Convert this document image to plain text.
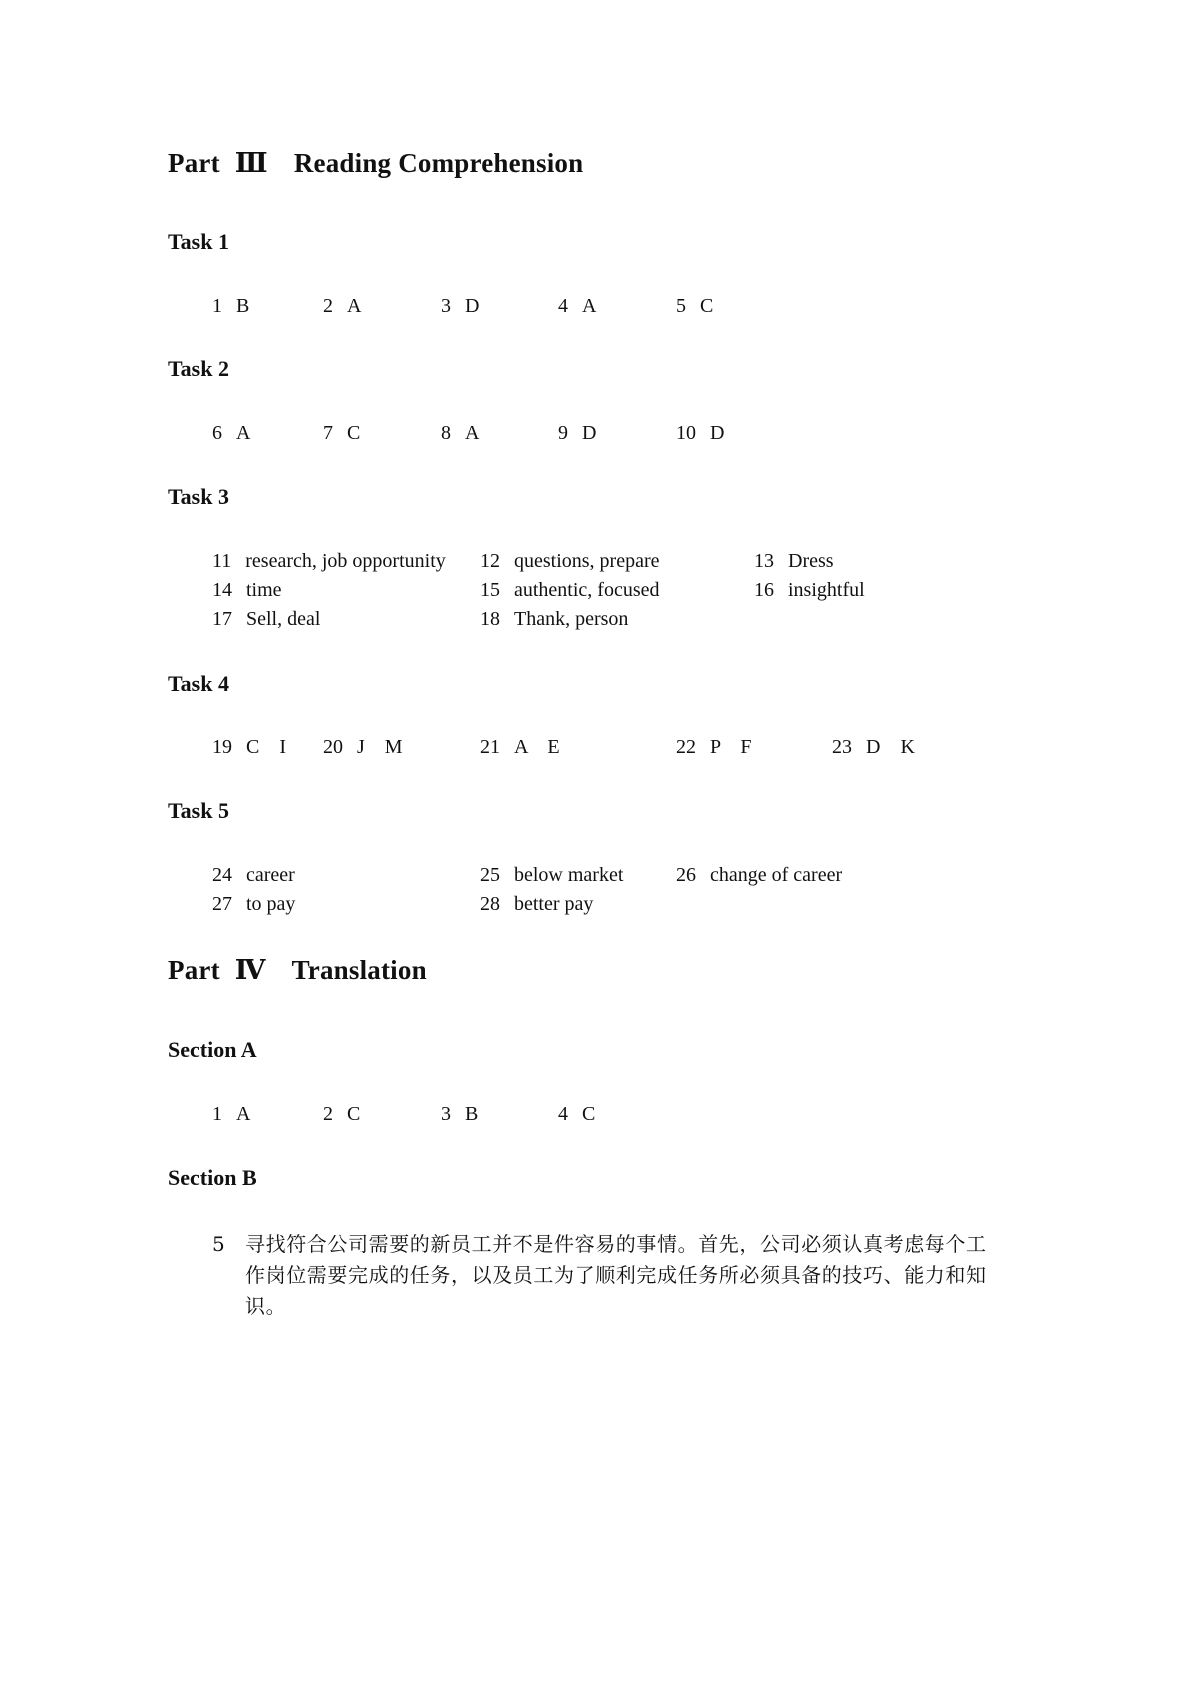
Part Ⅲ Reading Comprehension
Task 1
1 B	2 A	3 D	4 A	5 C
Task 2
6 A	7 C	8 A	9 D	10 D
Task 3
11 research, job opportunity 12 questions, prepare	13 Dress
14 time	15 authentic, focused	16 insightful
17 Sell, deal	18 Thank, person
Task 4
19 C    I 20 J    M	21 A    E	22 P    F	23 D    K
Task 5
24 career	25 below market	26 change of career
27 to pay	28 better pay
Part Ⅳ Translation
Section A
1 A	2 C	3 B	4 C
Section B
5 寻找符合公司需要的新员工并不是件容易的事情。首先，公司必须认真考虑每个工作岗位需要完成的任务，以及员工为了顺利完成任务所必须具备的技巧、能力和知识。
